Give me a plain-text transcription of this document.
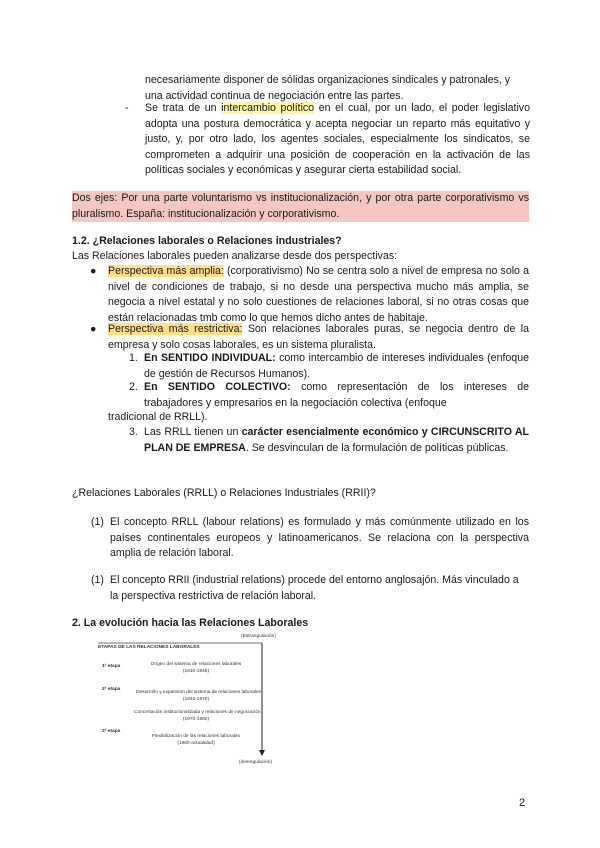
necesariamente disponer de sólidas organizaciones sindicales y patronales, y
una actividad continua de negociación entre las partes.
- Se trata de un intercambio político en el cual, por un lado, el poder legislativo adopta una postura democrática y acepta negociar un reparto más equitativo y justo, y, por otro lado, los agentes sociales, especialmente los sindicatos, se comprometen a adquirir una posición de cooperación en la activación de las políticas sociales y económicas y asegurar cierta estabilidad social.
Dos ejes: Por una parte voluntarismo vs institucionalización, y por otra parte corporativismo vs pluralismo. España: institucionalización y corporativismo.
1.2. ¿Relaciones laborales o Relaciones industriales?
Las Relaciones laborales pueden analizarse desde dos perspectivas:
● Perspectiva más amplia: (corporativismo) No se centra solo a nivel de empresa no solo a nivel de condiciones de trabajo, si no desde una perspectiva mucho más amplia, se negocia a nivel estatal y no solo cuestiones de relaciones laboral, si no otras cosas que están relacionadas tmb como lo que hemos dicho antes de habitaje.
● Perspectiva más restrictiva: Son relaciones laborales puras, se negocia dentro de la empresa y solo cosas laborales, es un sistema pluralista.
1. En SENTIDO INDIVIDUAL: como intercambio de intereses individuales (enfoque de gestión de Recursos Humanos).
2. En SENTIDO COLECTIVO: como representación de los intereses de trabajadores y empresarios en la negociación colectiva (enfoque
tradicional de RRLL).
3. Las RRLL tienen un carácter esencialmente económico y CIRCUNSCRITO AL PLAN DE EMPRESA. Se desvinculan de la formulación de políticas públicas.
¿Relaciones Laborales (RRLL) o Relaciones Industriales (RRII)?
(1) El concepto RRLL (labour relations) es formulado y más comúnmente utilizado en los países continentales europeos y latinoamericanos. Se relaciona con la perspectiva amplia de relación laboral.
(1) El concepto RRII (industrial relations) procede del entorno anglosajón. Más vinculado a la perspectiva restrictiva de relación laboral.
2. La evolución hacia las Relaciones Laborales
(Estrangulación)
ETAPAS DE LAS RELACIONES LABORALES
1ª etapa	Origen del sistema de relaciones laborales
(1910-1945)
2ª etapa
Desarrollo y expansión del sistema de relaciones laborales
(1945-1970)
Concertación institucionalizada y relaciones de negociación
(1970-1980)
3ª etapa
Flexibilización de las relaciones laborales
(1980-actualidad)
(desregulación)
2
